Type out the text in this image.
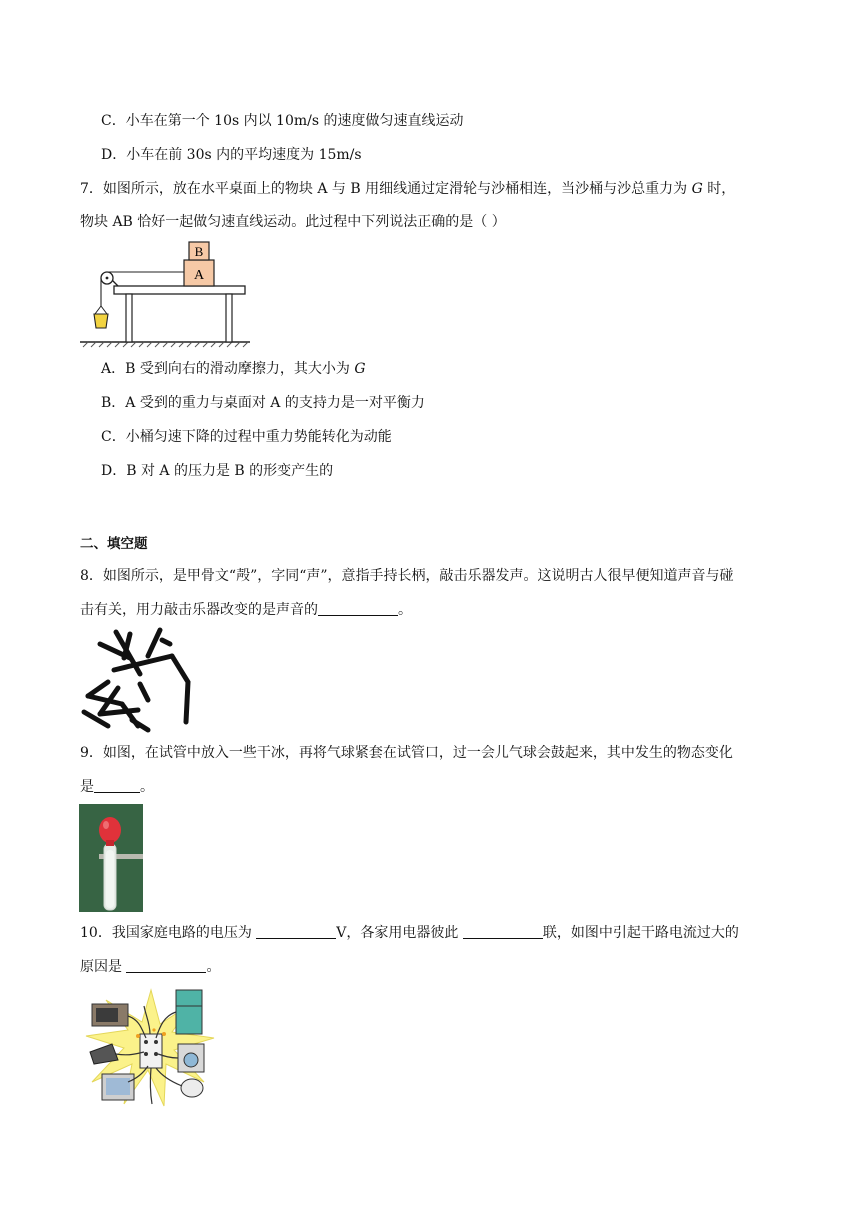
C．小车在第一个 10s 内以 10m/s 的速度做匀速直线运动
D．小车在前 30s 内的平均速度为 15m/s
7．如图所示，放在水平桌面上的物块 A 与 B 用细线通过定滑轮与沙桶相连，当沙桶与沙总重力为 G 时，
物块 AB 恰好一起做匀速直线运动。此过程中下列说法正确的是（ ）
A
B
A．B 受到向右的滑动摩擦力，其大小为 G
B．A 受到的重力与桌面对 A 的支持力是一对平衡力
C．小桶匀速下降的过程中重力势能转化为动能
D．B 对 A 的压力是 B 的形变产生的
二、填空题
8．如图所示，是甲骨文“殸”，字同“声”，意指手持长柄，敲击乐器发声。这说明古人很早便知道声音与碰
击有关，用力敲击乐器改变的是声音的	。
9．如图，在试管中放入一些干冰，再将气球紧套在试管口，过一会儿气球会鼓起来，其中发生的物态变化
是	。
10．我国家庭电路的电压为	V，各家用电器彼此	联，如图中引起干路电流过大的
原因是	。
